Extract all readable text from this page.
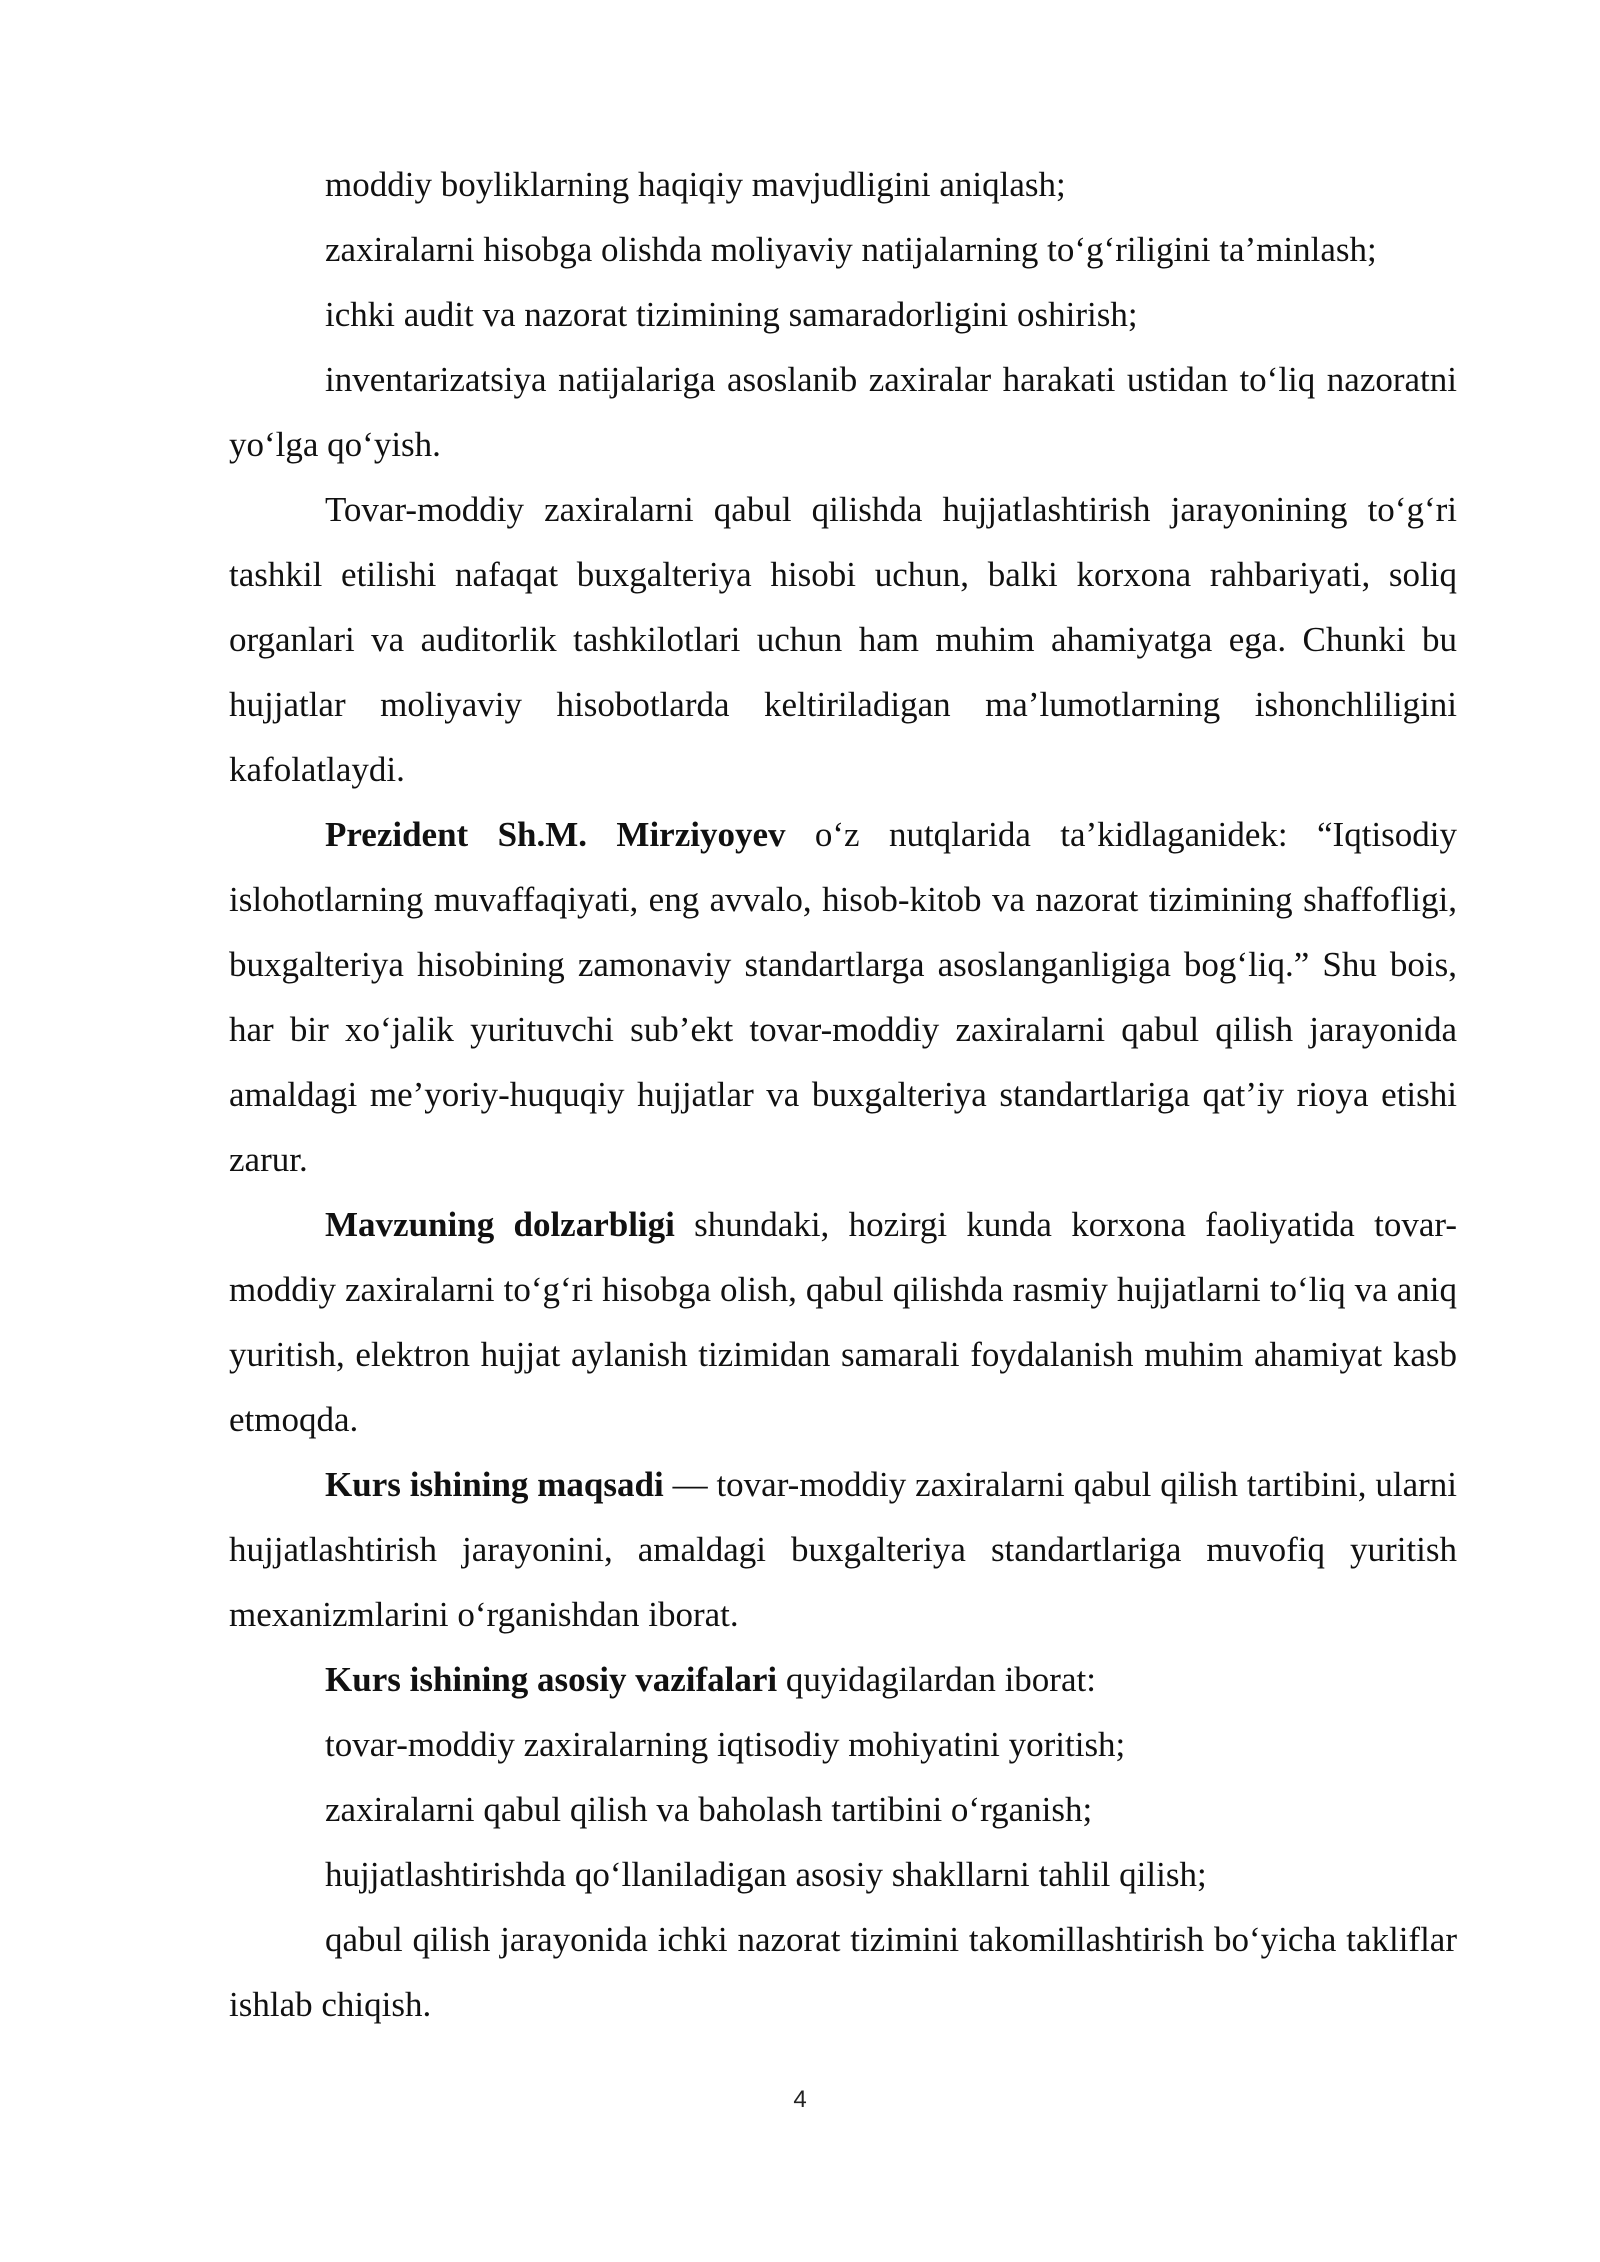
moddiy boyliklarning haqiqiy mavjudligini aniqlash;

zaxiralarni hisobga olishda moliyaviy natijalarning to‘g‘riligini ta’minlash;

ichki audit va nazorat tizimining samaradorligini oshirish;

inventarizatsiya natijalariga asoslanib zaxiralar harakati ustidan to‘liq nazoratni yo‘lga qo‘yish.

Tovar-moddiy zaxiralarni qabul qilishda hujjatlashtirish jarayonining to‘g‘ri tashkil etilishi nafaqat buxgalteriya hisobi uchun, balki korxona rahbariyati, soliq organlari va auditorlik tashkilotlari uchun ham muhim ahamiyatga ega. Chunki bu hujjatlar moliyaviy hisobotlarda keltiriladigan ma’lumotlarning ishonchliligini kafolatlaydi.

Prezident Sh.M. Mirziyoyev o‘z nutqlarida ta’kidlaganidek: “Iqtisodiy islohotlarning muvaffaqiyati, eng avvalo, hisob-kitob va nazorat tizimining shaffofligi, buxgalteriya hisobining zamonaviy standartlarga asoslanganligiga bog‘liq.” Shu bois, har bir xo‘jalik yurituvchi sub’ekt tovar-moddiy zaxiralarni qabul qilish jarayonida amaldagi me’yoriy-huquqiy hujjatlar va buxgalteriya standartlariga qat’iy rioya etishi zarur.

Mavzuning dolzarbligi shundaki, hozirgi kunda korxona faoliyatida tovar-moddiy zaxiralarni to‘g‘ri hisobga olish, qabul qilishda rasmiy hujjatlarni to‘liq va aniq yuritish, elektron hujjat aylanish tizimidan samarali foydalanish muhim ahamiyat kasb etmoqda.

Kurs ishining maqsadi — tovar-moddiy zaxiralarni qabul qilish tartibini, ularni hujjatlashtirish jarayonini, amaldagi buxgalteriya standartlariga muvofiq yuritish mexanizmlarini o‘rganishdan iborat.

Kurs ishining asosiy vazifalari quyidagilardan iborat:

tovar-moddiy zaxiralarning iqtisodiy mohiyatini yoritish;

zaxiralarni qabul qilish va baholash tartibini o‘rganish;

hujjatlashtirishda qo‘llaniladigan asosiy shakllarni tahlil qilish;

qabul qilish jarayonida ichki nazorat tizimini takomillashtirish bo‘yicha takliflar ishlab chiqish.

4
